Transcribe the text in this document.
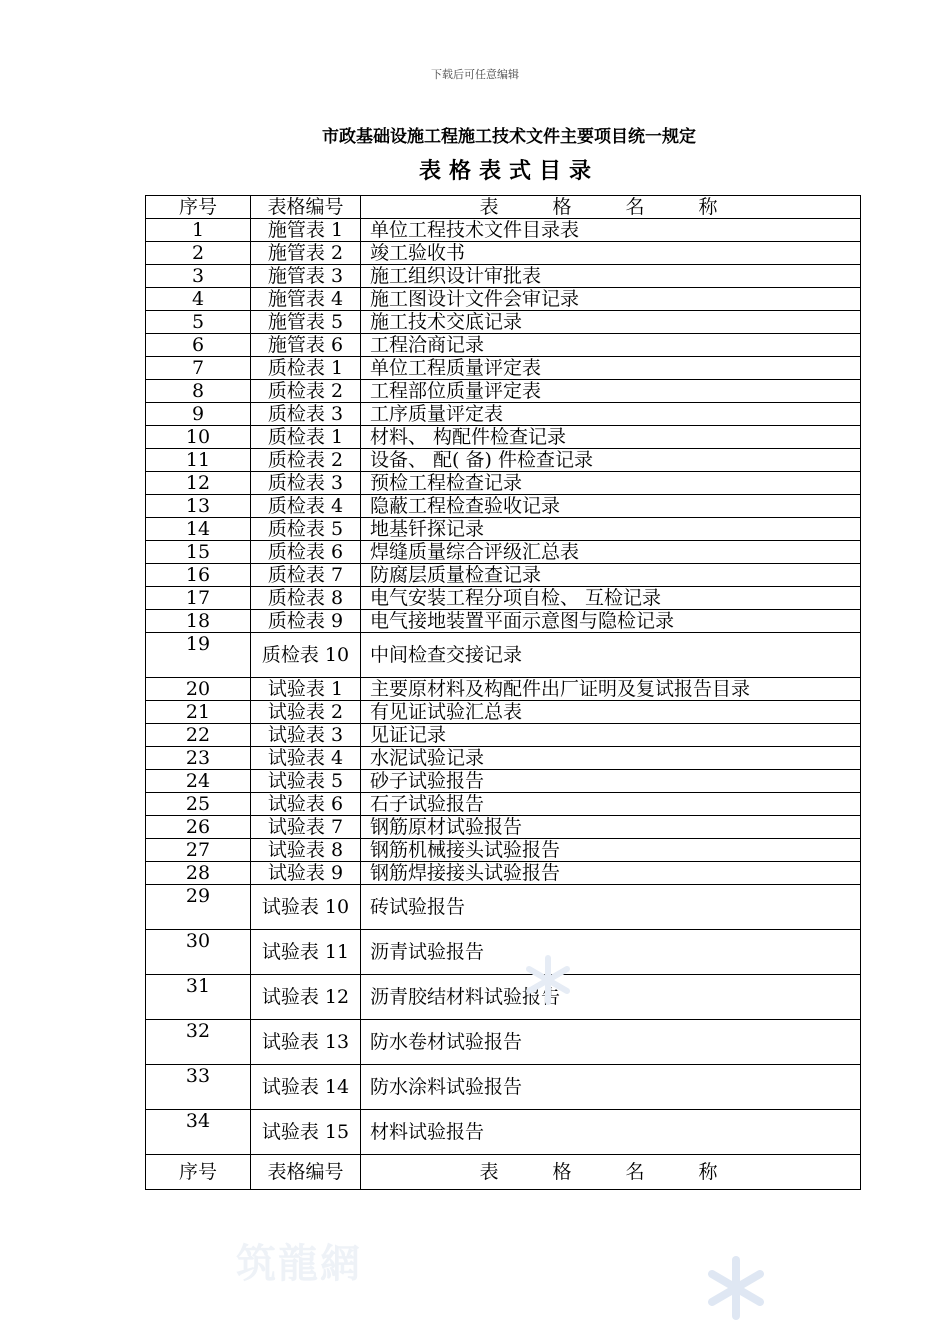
下载后可任意编辑
市政基础设施工程施工技术文件主要项目统一规定
表格表式目录
序号	表格编号	表 格 名 称
1	施管表 1	单位工程技术文件目录表
2	施管表 2	竣工验收书
3	施管表 3	施工组织设计审批表
4	施管表 4	施工图设计文件会审记录
5	施管表 5	施工技术交底记录
6	施管表 6	工程洽商记录
7	质检表 1	单位工程质量评定表
8	质检表 2	工程部位质量评定表
9	质检表 3	工序质量评定表
10	质检表 1	材料、 构配件检查记录
11	质检表 2	设备、 配( 备) 件检查记录
12	质检表 3	预检工程检查记录
13	质检表 4	隐蔽工程检查验收记录
14	质检表 5	地基钎探记录
15	质检表 6	焊缝质量综合评级汇总表
16	质检表 7	防腐层质量检查记录
17	质检表 8	电气安装工程分项自检、 互检记录
18	质检表 9	电气接地装置平面示意图与隐检记录
19	质检表 10	中间检查交接记录
20	试验表 1	主要原材料及构配件出厂证明及复试报告目录
21	试验表 2	有见证试验汇总表
22	试验表 3	见证记录
23	试验表 4	水泥试验记录
24	试验表 5	砂子试验报告
25	试验表 6	石子试验报告
26	试验表 7	钢筋原材试验报告
27	试验表 8	钢筋机械接头试验报告
28	试验表 9	钢筋焊接接头试验报告
29	试验表 10	砖试验报告
30	试验表 11	沥青试验报告
31	试验表 12	沥青胶结材料试验报告
32	试验表 13	防水卷材试验报告
33	试验表 14	防水涂料试验报告
34	试验表 15	材料试验报告
序号	表格编号	表 格 名 称
筑龍網
